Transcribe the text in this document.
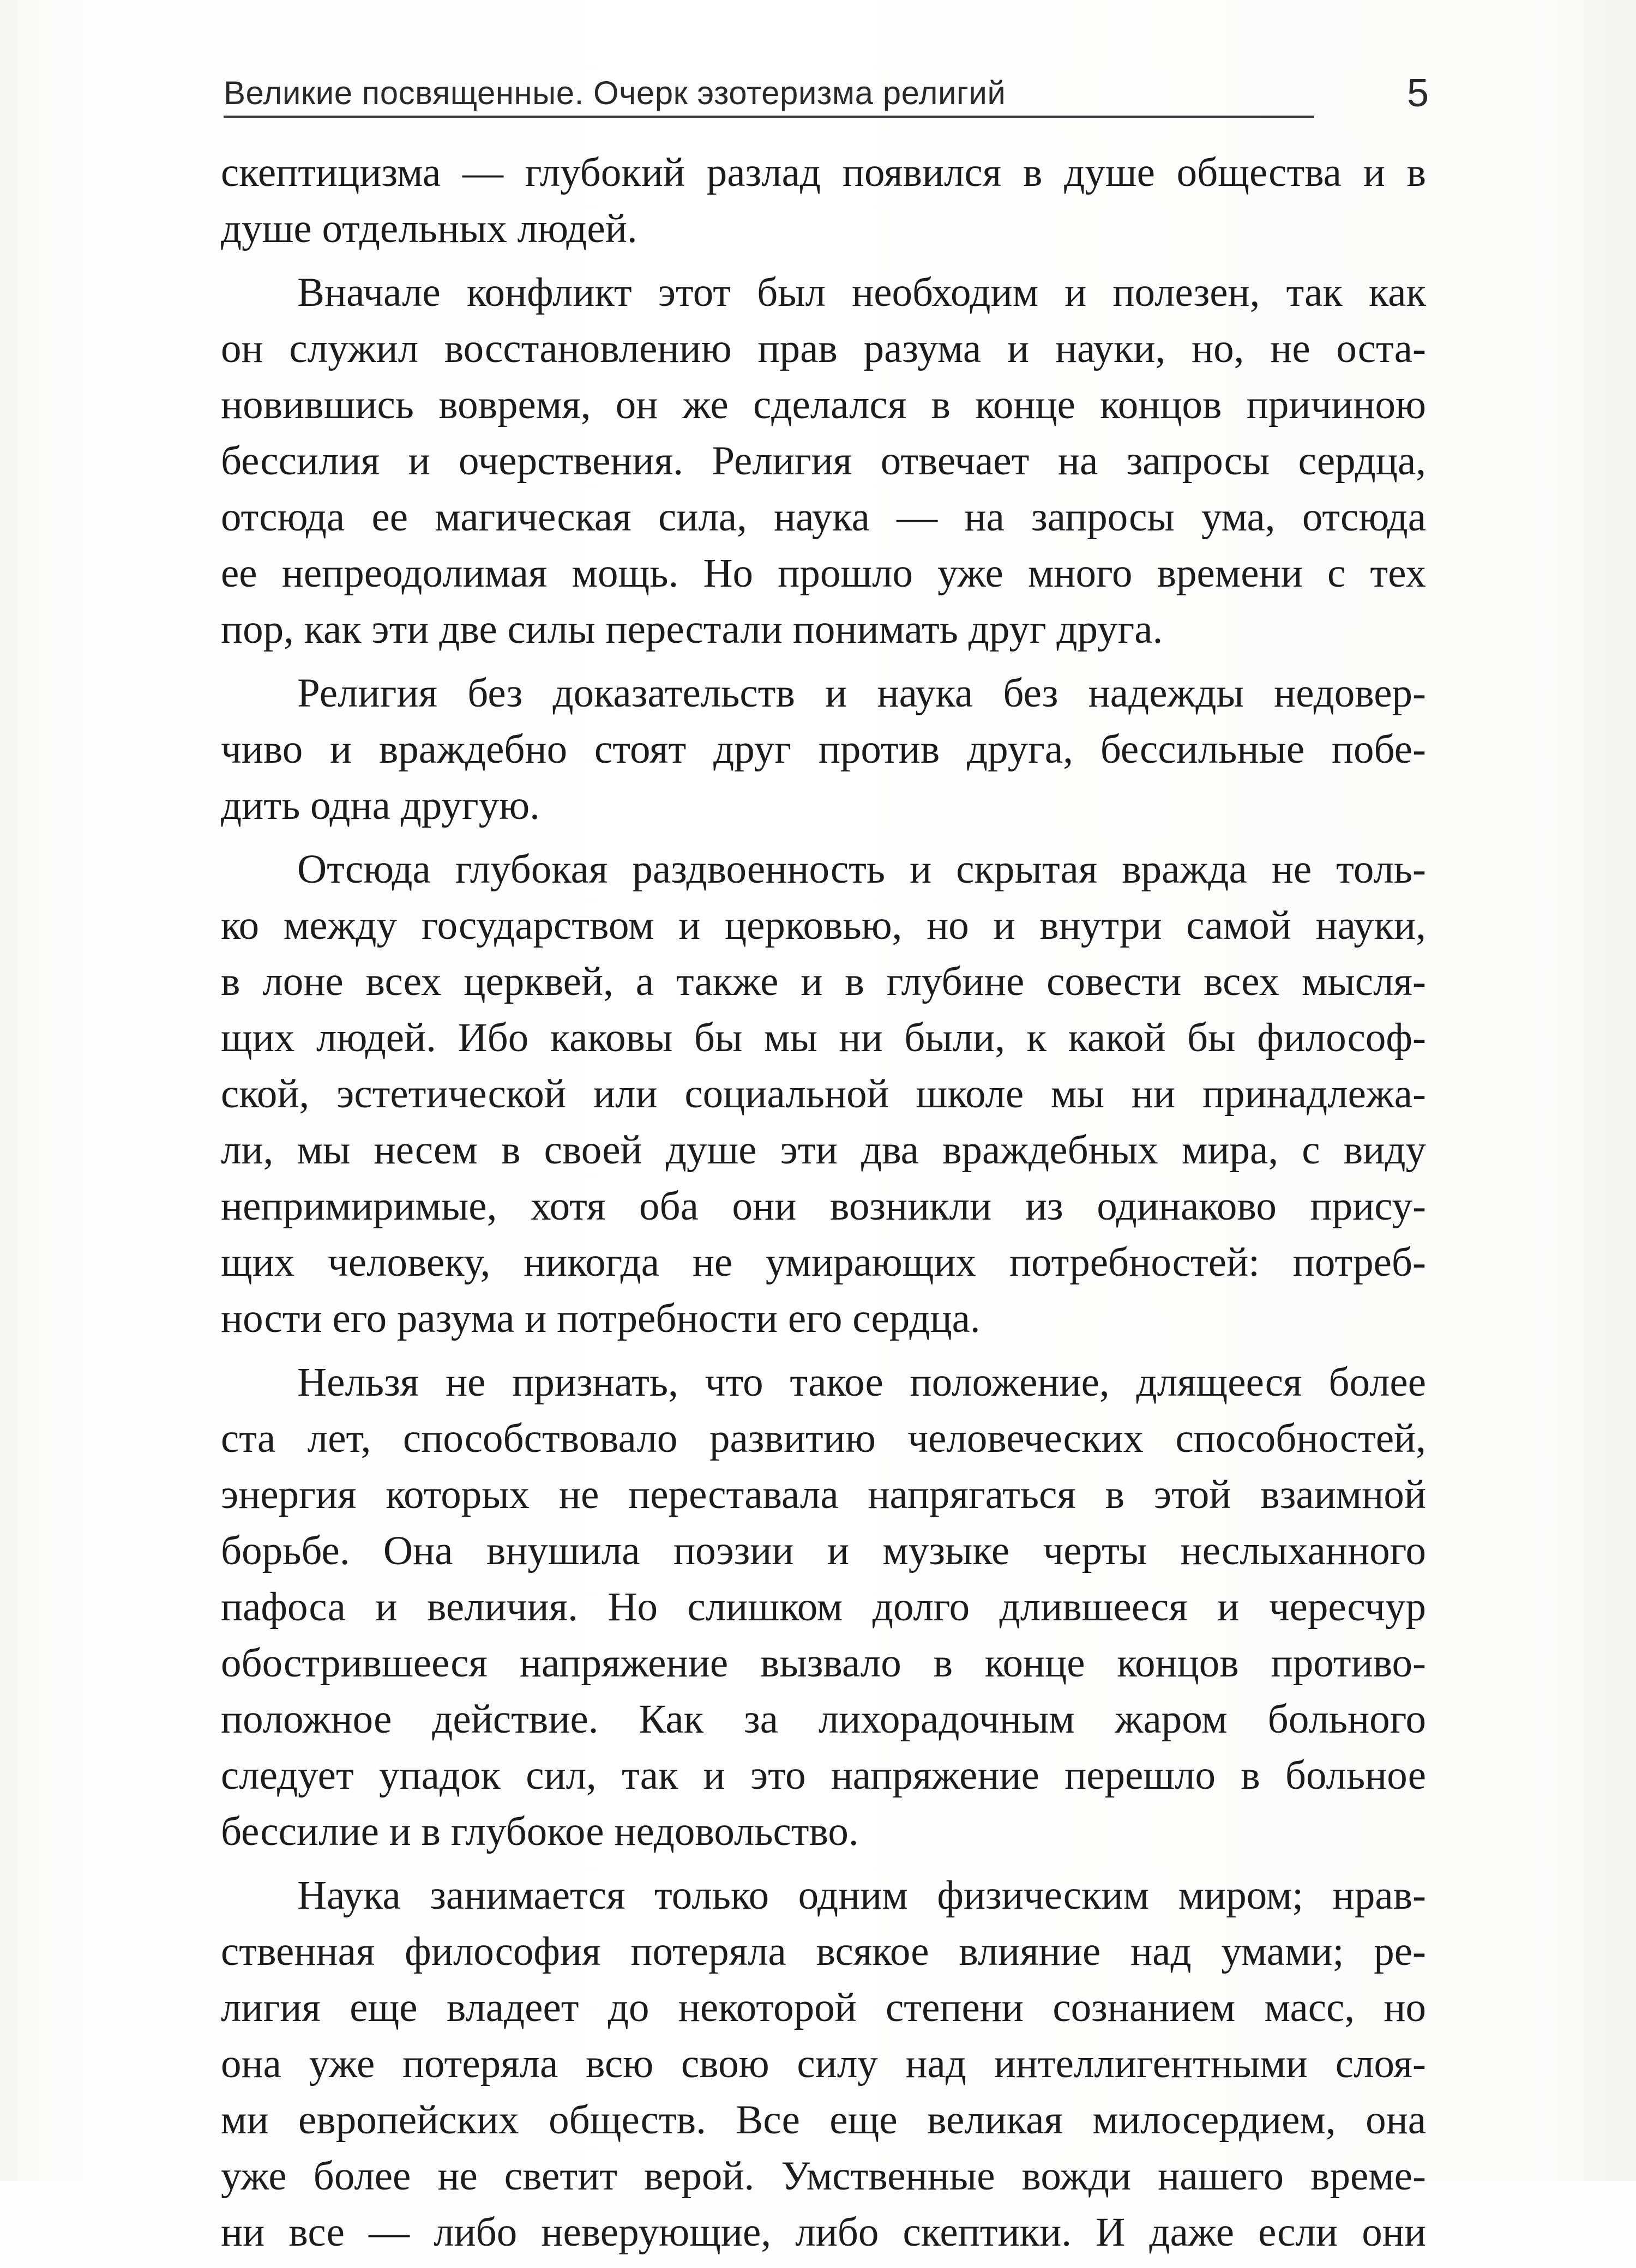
Великие посвященные. Очерк эзотеризма религий	5
скептицизма — глубокий разлад появился в душе общества и в
душе отдельных людей.
Вначале конфликт этот был необходим и полезен, так как
он служил восстановлению прав разума и науки, но, не оста-
новившись вовремя, он же сделался в конце концов причиною
бессилия и очерствения. Религия отвечает на запросы сердца,
отсюда ее магическая сила, наука — на запросы ума, отсюда
ее непреодолимая мощь. Но прошло уже много времени с тех
пор, как эти две силы перестали понимать друг друга.
Религия без доказательств и наука без надежды недовер-
чиво и враждебно стоят друг против друга, бессильные побе-
дить одна другую.
Отсюда глубокая раздвоенность и скрытая вражда не толь-
ко между государством и церковью, но и внутри самой науки,
в лоне всех церквей, а также и в глубине совести всех мысля-
щих людей. Ибо каковы бы мы ни были, к какой бы философ-
ской, эстетической или социальной школе мы ни принадлежа-
ли, мы несем в своей душе эти два враждебных мира, с виду
непримиримые, хотя оба они возникли из одинаково прису-
щих человеку, никогда не умирающих потребностей: потреб-
ности его разума и потребности его сердца.
Нельзя не признать, что такое положение, длящееся более
ста лет, способствовало развитию человеческих способностей,
энергия которых не переставала напрягаться в этой взаимной
борьбе. Она внушила поэзии и музыке черты неслыханного
пафоса и величия. Но слишком долго длившееся и чересчур
обострившееся напряжение вызвало в конце концов противо-
положное действие. Как за лихорадочным жаром больного
следует упадок сил, так и это напряжение перешло в больное
бессилие и в глубокое недовольство.
Наука занимается только одним физическим миром; нрав-
ственная философия потеряла всякое влияние над умами; ре-
лигия еще владеет до некоторой степени сознанием масс, но
она уже потеряла всю свою силу над интеллигентными слоя-
ми европейских обществ. Все еще великая милосердием, она
уже более не светит верой. Умственные вожди нашего време-
ни все — либо неверующие, либо скептики. И даже если они
